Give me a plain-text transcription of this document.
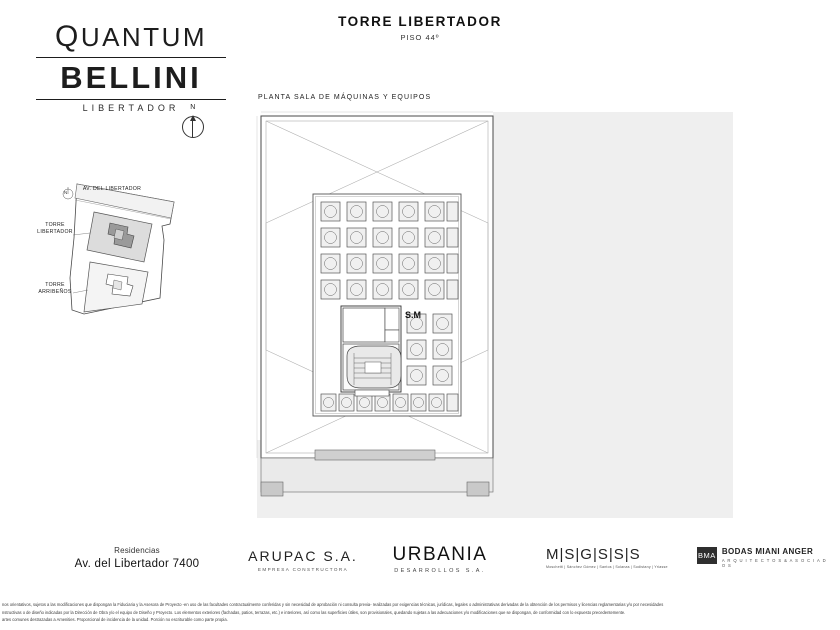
QUANTUM
BELLINI
LIBERTADOR
TORRE LIBERTADOR
PISO 44º
N
AV. DEL LIBERTADOR
TORRE
LIBERTADOR
TORRE
ARRIBEÑOS
N
PLANTA SALA DE MÁQUINAS Y EQUIPOS
S.M
Residencias
Av. del Libertador 7400	ARUPAC S.A.
EMPRESA CONSTRUCTORA
URBANIA
DESARROLLOS S.A.
M|S|G|S|S|S
Moschetti | Sánchez Gómez | Santos | Solanas | Sodistany | Yriasse
BMA BODAS MIANI ANGER
A R Q U I T E C T O S & A S O C I A D O S

nos orientativos, sujetos a las modificaciones que dispongan la Fiduciaria y la Asesora de Proyecto -en uso de las facultades contractualmente conferidas y sin necesidad de aprobación ni consulta previa- realizadas por exigencias técnicas, jurídicas, legales o administrativas derivadas de la obtención de los permisos y licencias reglamentarias y/o por necesidades

nstructivas o de diseño indicadas por la Dirección de Obra y/o el equipo de Diseño y Proyecto. Los elementos exteriores (fachadas, patios, terrazas, etc.) e interiores, así como las superficies útiles, son provisionales, quedando sujetas a las adecuaciones y/o modificaciones que se dispongan, de conformidad con lo expuesto precedentemente.

artes comunes destrazadas a Amenities. Proporcional de incidencia de la unidad. Porción no escriturable como parte propia.
